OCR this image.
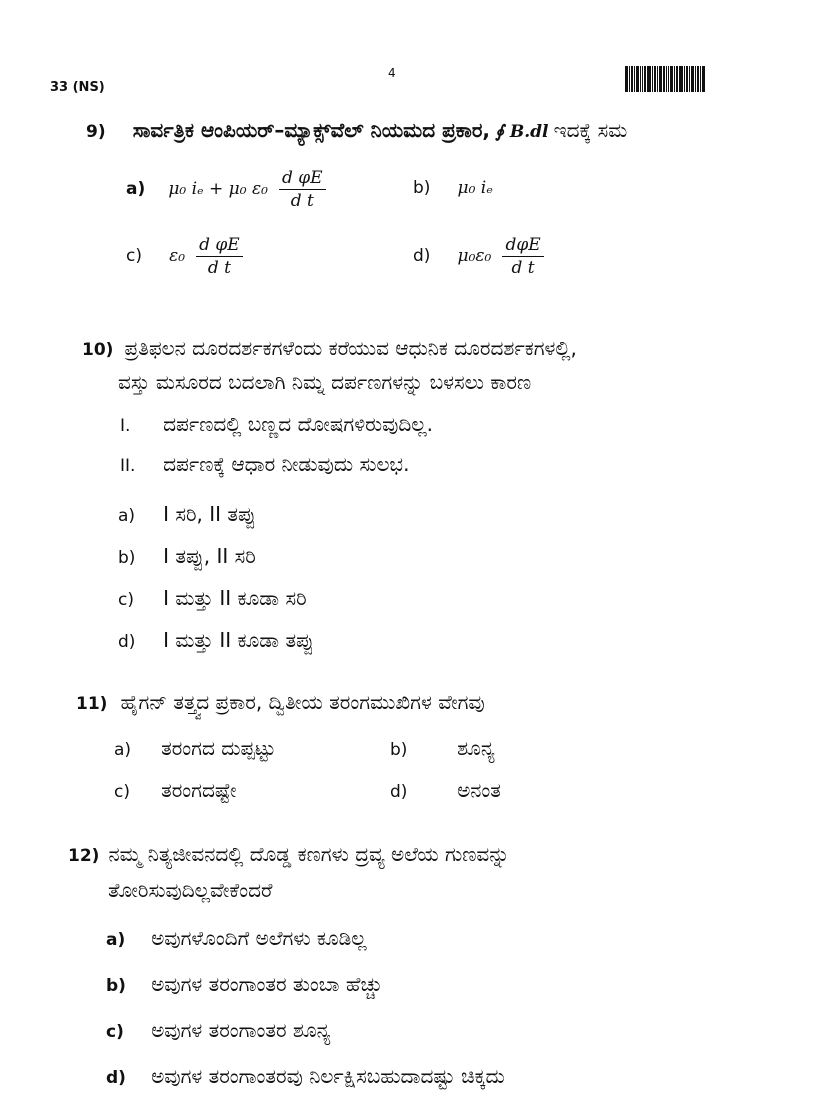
33 (NS)
4
9) ಸಾರ್ವತ್ರಿಕ ಆಂಪಿಯರ್–ಮ್ಯಾಕ್ಸ್‌ವೆಲ್ ನಿಯಮದ ಪ್ರಕಾರ, ∮ B.dl ಇದಕ್ಕೆ ಸಮ
a) μ₀ iₑ + μ₀ $\varepsilon_0 \frac{\text{d φE}}{\text{d t}}$	b) μ₀ iₑ
c) $\varepsilon_0 \frac{\text{d φE}}{\text{d t}}$	d) $\mu_0\varepsilon_0 \frac{\text{dφE}}{\text{d t}}$
10) ಪ್ರತಿಫಲನ ದೂರದರ್ಶಕಗಳೆಂದು ಕರೆಯುವ ಆಧುನಿಕ ದೂರದರ್ಶಕಗಳಲ್ಲಿ,
ವಸ್ತು ಮಸೂರದ ಬದಲಾಗಿ ನಿಮ್ನ ದರ್ಪಣಗಳನ್ನು ಬಳಸಲು ಕಾರಣ
I. ದರ್ಪಣದಲ್ಲಿ ಬಣ್ಣದ ದೋಷಗಳಿರುವುದಿಲ್ಲ.
II. ದರ್ಪಣಕ್ಕೆ ಆಧಾರ ನೀಡುವುದು ಸುಲಭ.
a) I ಸರಿ, II ತಪ್ಪು
b) I ತಪ್ಪು, II ಸರಿ
c) I ಮತ್ತು II ಕೂಡಾ ಸರಿ
d) I ಮತ್ತು II ಕೂಡಾ ತಪ್ಪು
11) ಹೈಗನ್ ತತ್ತ್ವದ ಪ್ರಕಾರ, ದ್ವಿತೀಯ ತರಂಗಮುಖಿಗಳ ವೇಗವು
a) ತರಂಗದ ದುಪ್ಪಟ್ಟು	b) ಶೂನ್ಯ
c) ತರಂಗದಷ್ಟೇ	d) ಅನಂತ
12) ನಮ್ಮ ನಿತ್ಯಜೀವನದಲ್ಲಿ ದೊಡ್ಡ ಕಣಗಳು ದ್ರವ್ಯ ಅಲೆಯ ಗುಣವನ್ನು
ತೋರಿಸುವುದಿಲ್ಲವೇಕೆಂದರೆ
a) ಅವುಗಳೊಂದಿಗೆ ಅಲೆಗಳು ಕೂಡಿಲ್ಲ
b) ಅವುಗಳ ತರಂಗಾಂತರ ತುಂಬಾ ಹೆಚ್ಚು
c) ಅವುಗಳ ತರಂಗಾಂತರ ಶೂನ್ಯ
d) ಅವುಗಳ ತರಂಗಾಂತರವು ನಿರ್ಲಕ್ಷಿಸಬಹುದಾದಷ್ಟು ಚಿಕ್ಕದು
